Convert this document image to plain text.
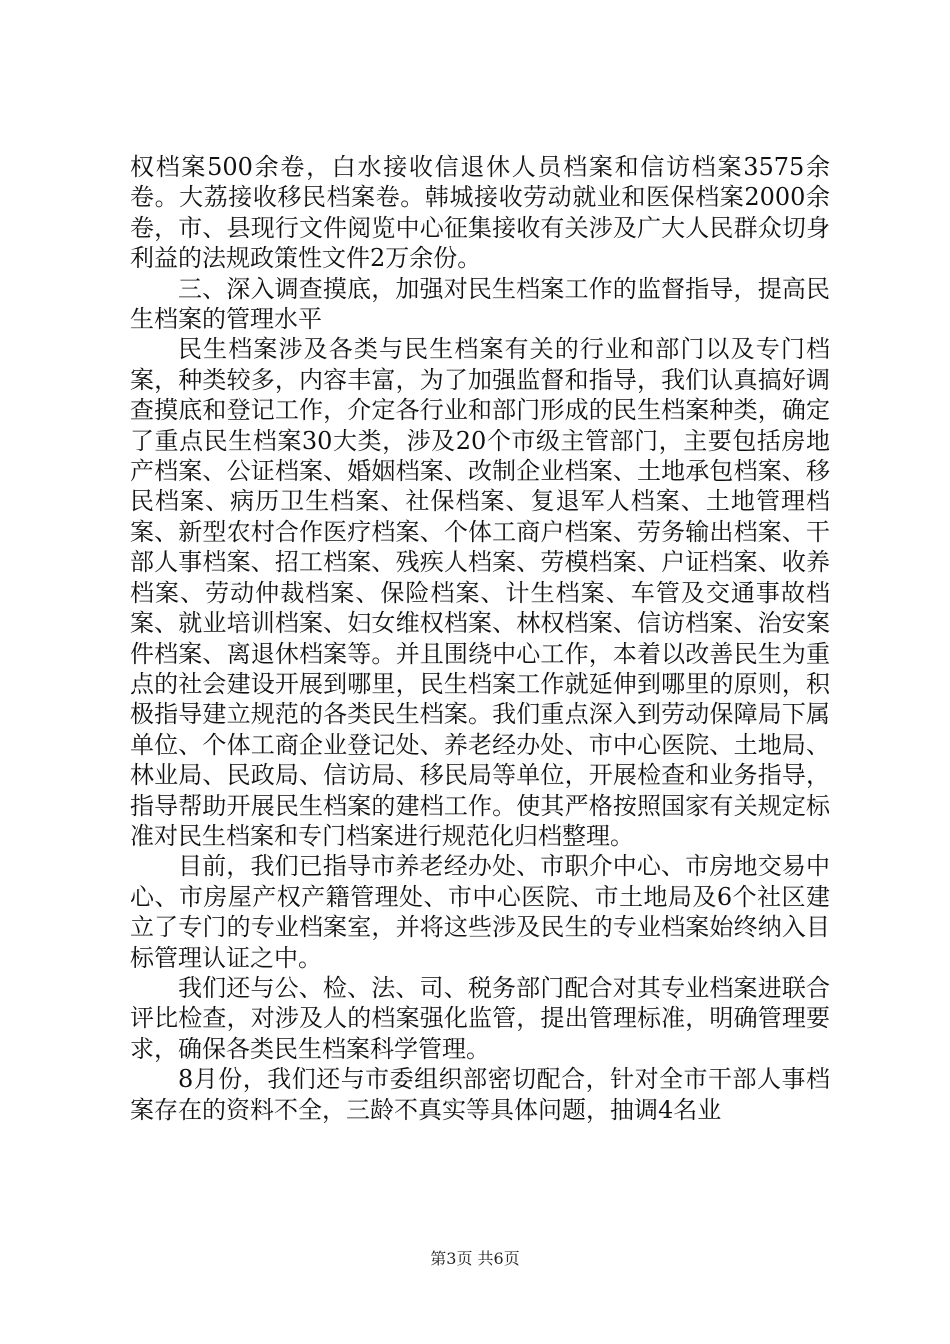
权档案500余卷，白水接收信退休人员档案和信访档案3575余卷。大荔接收移民档案卷。韩城接收劳动就业和医保档案2000余卷，市、县现行文件阅览中心征集接收有关涉及广大人民群众切身利益的法规政策性文件2万余份。

三、深入调查摸底，加强对民生档案工作的监督指导，提高民生档案的管理水平

民生档案涉及各类与民生档案有关的行业和部门以及专门档案，种类较多，内容丰富，为了加强监督和指导，我们认真搞好调查摸底和登记工作，介定各行业和部门形成的民生档案种类，确定了重点民生档案30大类，涉及20个市级主管部门，主要包括房地产档案、公证档案、婚姻档案、改制企业档案、土地承包档案、移民档案、病历卫生档案、社保档案、复退军人档案、土地管理档案、新型农村合作医疗档案、个体工商户档案、劳务输出档案、干部人事档案、招工档案、残疾人档案、劳模档案、户证档案、收养档案、劳动仲裁档案、保险档案、计生档案、车管及交通事故档案、就业培训档案、妇女维权档案、林权档案、信访档案、治安案件档案、离退休档案等。并且围绕中心工作，本着以改善民生为重点的社会建设开展到哪里，民生档案工作就延伸到哪里的原则，积极指导建立规范的各类民生档案。我们重点深入到劳动保障局下属单位、个体工商企业登记处、养老经办处、市中心医院、土地局、林业局、民政局、信访局、移民局等单位，开展检查和业务指导，指导帮助开展民生档案的建档工作。使其严格按照国家有关规定标准对民生档案和专门档案进行规范化归档整理。

目前，我们已指导市养老经办处、市职介中心、市房地交易中心、市房屋产权产籍管理处、市中心医院、市土地局及6个社区建立了专门的专业档案室，并将这些涉及民生的专业档案始终纳入目标管理认证之中。

我们还与公、检、法、司、税务部门配合对其专业档案进联合评比检查，对涉及人的档案强化监管，提出管理标准，明确管理要求，确保各类民生档案科学管理。

8月份，我们还与市委组织部密切配合，针对全市干部人事档案存在的资料不全，三龄不真实等具体问题，抽调4名业

第3页 共6页
